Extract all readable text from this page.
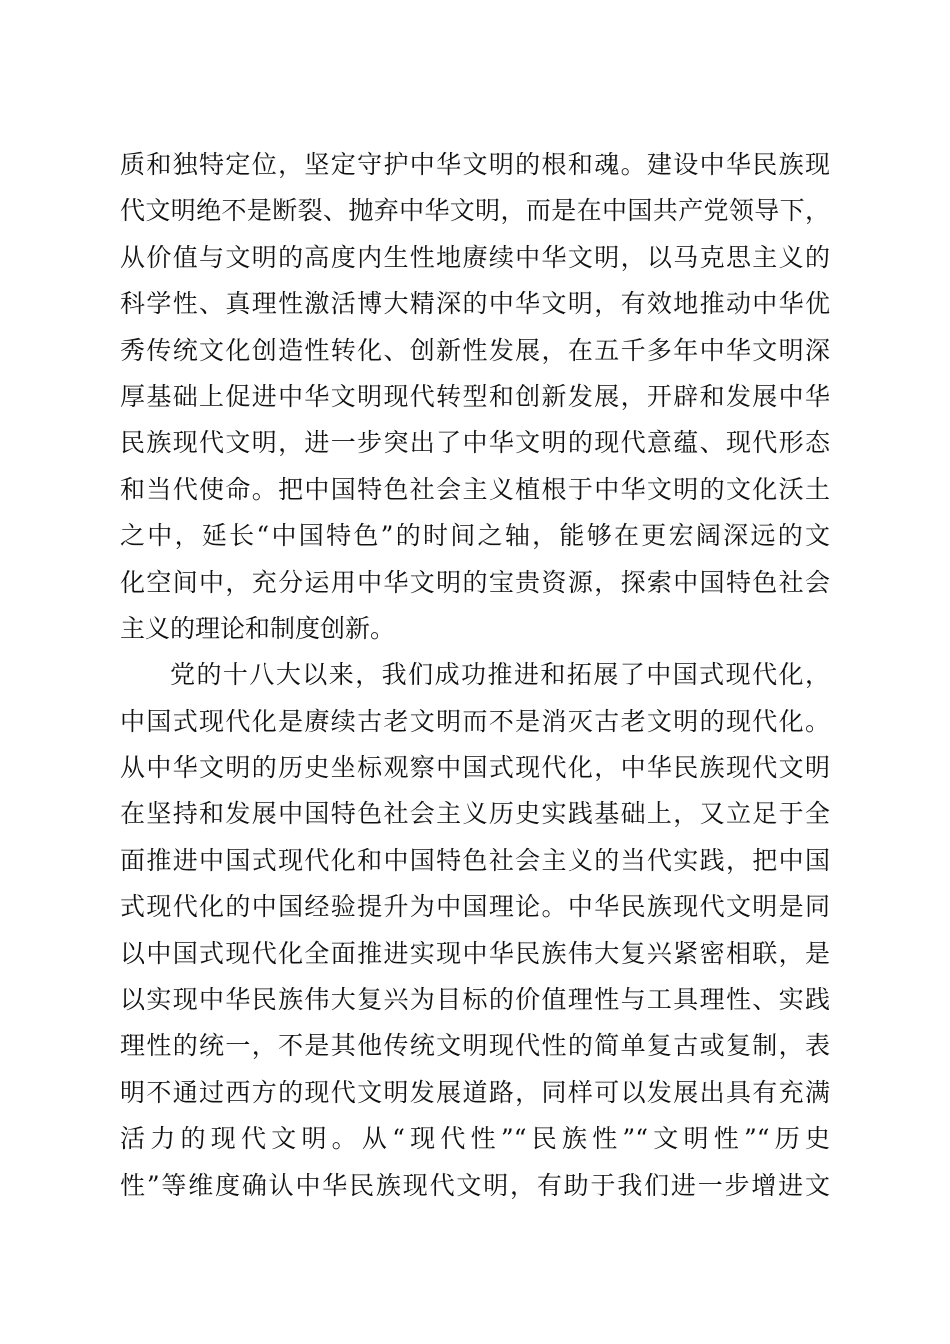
质和独特定位，坚定守护中华文明的根和魂。建设中华民族现
代文明绝不是断裂、抛弃中华文明，而是在中国共产党领导下，
从价值与文明的高度内生性地赓续中华文明，以马克思主义的
科学性、真理性激活博大精深的中华文明，有效地推动中华优
秀传统文化创造性转化、创新性发展，在五千多年中华文明深
厚基础上促进中华文明现代转型和创新发展，开辟和发展中华
民族现代文明，进一步突出了中华文明的现代意蕴、现代形态
和当代使命。把中国特色社会主义植根于中华文明的文化沃土
之中，延长“中国特色”的时间之轴，能够在更宏阔深远的文
化空间中，充分运用中华文明的宝贵资源，探索中国特色社会
主义的理论和制度创新。
党的十八大以来，我们成功推进和拓展了中国式现代化，
中国式现代化是赓续古老文明而不是消灭古老文明的现代化。
从中华文明的历史坐标观察中国式现代化，中华民族现代文明
在坚持和发展中国特色社会主义历史实践基础上，又立足于全
面推进中国式现代化和中国特色社会主义的当代实践，把中国
式现代化的中国经验提升为中国理论。中华民族现代文明是同
以中国式现代化全面推进实现中华民族伟大复兴紧密相联，是
以实现中华民族伟大复兴为目标的价值理性与工具理性、实践
理性的统一，不是其他传统文明现代性的简单复古或复制，表
明不通过西方的现代文明发展道路，同样可以发展出具有充满
活力的现代文明。从“现代性”“民族性”“文明性”“历史
性”等维度确认中华民族现代文明，有助于我们进一步增进文
